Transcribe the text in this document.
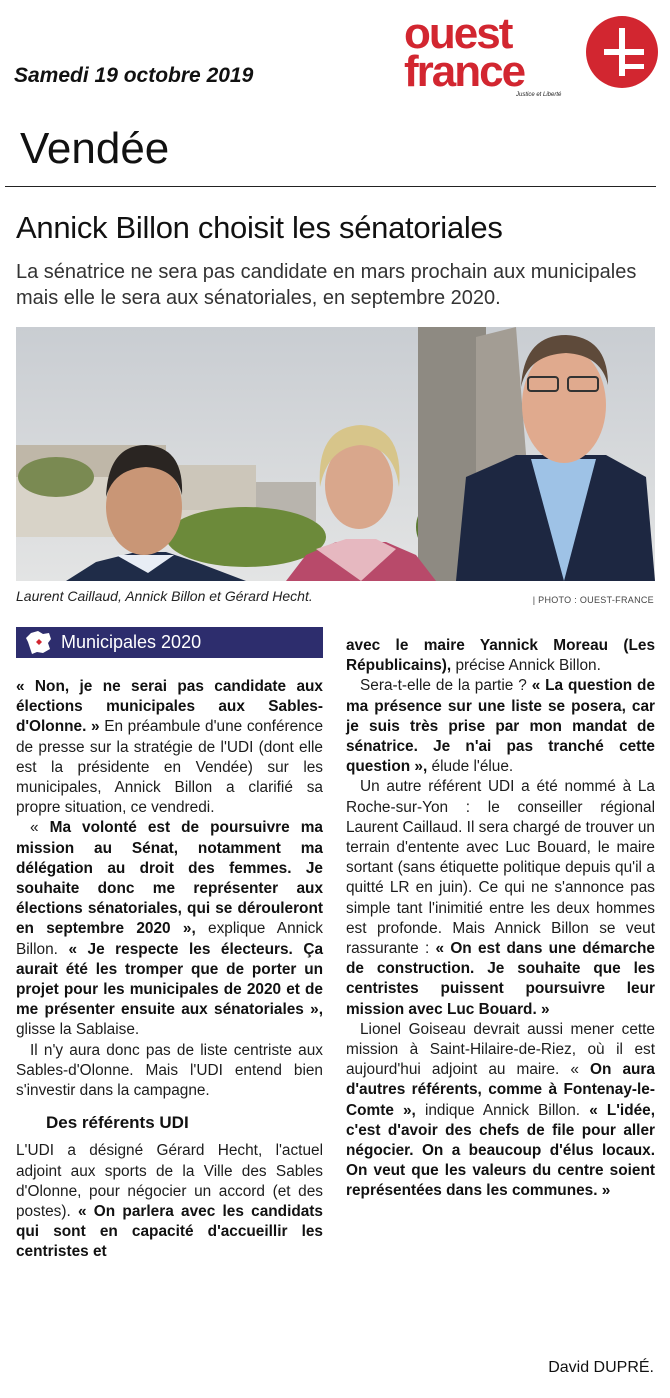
Samedi 19 octobre 2019
ouest
france
Justice et Liberté
Vendée
Annick Billon choisit les sénatoriales
La sénatrice ne sera pas candidate en mars prochain aux municipales mais elle le sera aux sénatoriales, en septembre 2020.
Laurent Caillaud, Annick Billon et Gérard Hecht.	| PHOTO : OUEST-FRANCE
Municipales 2020

« Non, je ne serai pas candidate aux élections municipales aux Sables-d'Olonne. » En préambule d'une conférence de presse sur la stratégie de l'UDI (dont elle est la présidente en Vendée) sur les municipales, Annick Billon a clarifié sa propre situation, ce vendredi.

« Ma volonté est de poursuivre ma mission au Sénat, notamment ma délégation au droit des femmes. Je souhaite donc me représenter aux élections sénatoriales, qui se dérouleront en septembre 2020 », explique Annick Billon. « Je respecte les électeurs. Ça aurait été les tromper que de porter un projet pour les municipales de 2020 et de me présenter ensuite aux sénatoriales », glisse la Sablaise.

Il n'y aura donc pas de liste centriste aux Sables-d'Olonne. Mais l'UDI entend bien s'investir dans la campagne.

Des référents UDI

L'UDI a désigné Gérard Hecht, l'actuel adjoint aux sports de la Ville des Sables d'Olonne, pour négocier un accord (et des postes). « On parlera avec les candidats qui sont en capacité d'accueillir les centristes et

avec le maire Yannick Moreau (Les Républicains), précise Annick Billon.

Sera-t-elle de la partie ? « La question de ma présence sur une liste se posera, car je suis très prise par mon mandat de sénatrice. Je n'ai pas tranché cette question », élude l'élue.

Un autre référent UDI a été nommé à La Roche-sur-Yon : le conseiller régional Laurent Caillaud. Il sera chargé de trouver un terrain d'entente avec Luc Bouard, le maire sortant (sans étiquette politique depuis qu'il a quitté LR en juin). Ce qui ne s'annonce pas simple tant l'inimitié entre les deux hommes est profonde. Mais Annick Billon se veut rassurante : « On est dans une démarche de construction. Je souhaite que les centristes puissent poursuivre leur mission avec Luc Bouard. »

Lionel Goiseau devrait aussi mener cette mission à Saint-Hilaire-de-Riez, où il est aujourd'hui adjoint au maire. « On aura d'autres référents, comme à Fontenay-le-Comte », indique Annick Billon. « L'idée, c'est d'avoir des chefs de file pour aller négocier. On a beaucoup d'élus locaux. On veut que les valeurs du centre soient représentées dans les communes. »

David DUPRÉ.
